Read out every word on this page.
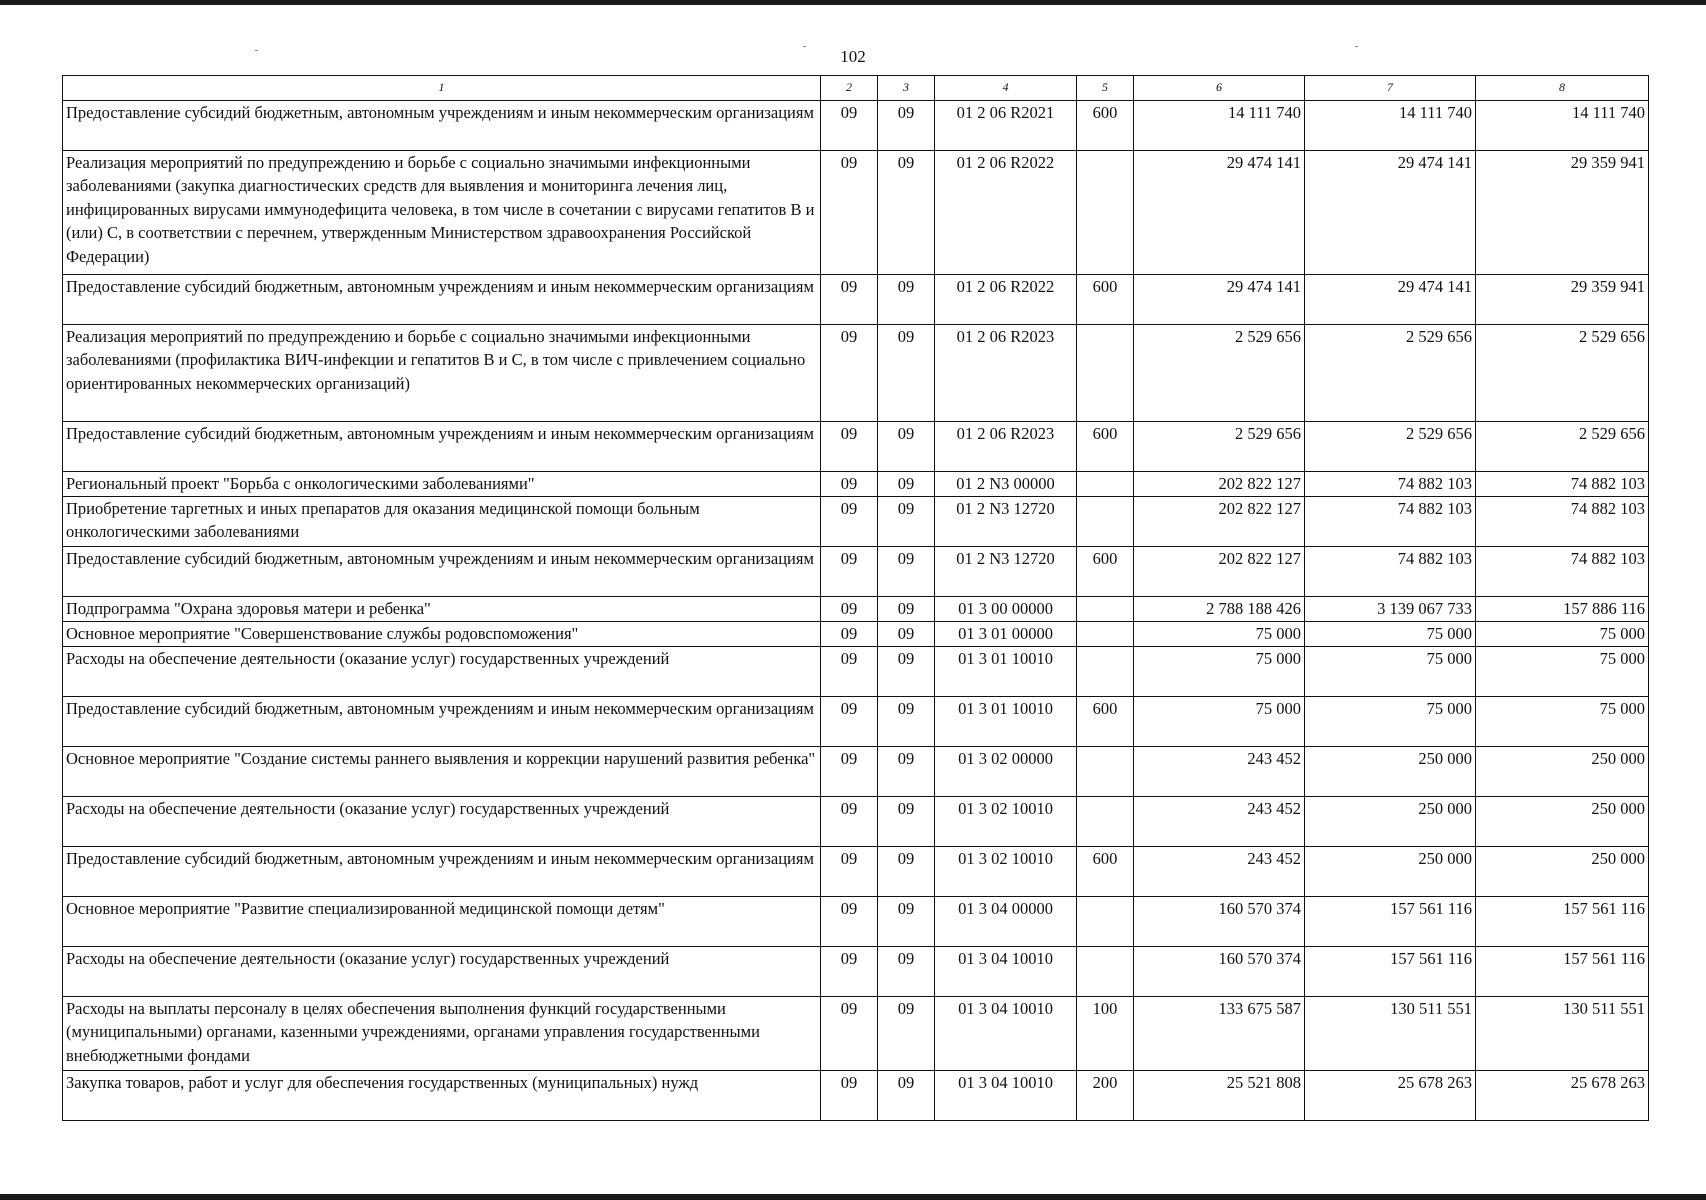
102
1	2	3	4	5	6	7	8
Предоставление субсидий бюджетным, автономным учреждениям и иным некоммерческим организациям	09	09	01 2 06 R2021	600	14 111 740	14 111 740	14 111 740
Реализация мероприятий по предупреждению и борьбе с социально значимыми инфекционными заболеваниями (закупка диагностических средств для выявления и мониторинга лечения лиц, инфицированных вирусами иммунодефицита человека, в том числе в сочетании с вирусами гепатитов B и (или) C, в соответствии с перечнем, утвержденным Министерством здравоохранения Российской Федерации)	09	09	01 2 06 R2022		29 474 141	29 474 141	29 359 941
Предоставление субсидий бюджетным, автономным учреждениям и иным некоммерческим организациям	09	09	01 2 06 R2022	600	29 474 141	29 474 141	29 359 941
Реализация мероприятий по предупреждению и борьбе с социально значимыми инфекционными заболеваниями (профилактика ВИЧ-инфекции и гепатитов B и C, в том числе с привлечением социально ориентированных некоммерческих организаций)	09	09	01 2 06 R2023		2 529 656	2 529 656	2 529 656
Предоставление субсидий бюджетным, автономным учреждениям и иным некоммерческим организациям	09	09	01 2 06 R2023	600	2 529 656	2 529 656	2 529 656
Региональный проект "Борьба с онкологическими заболеваниями"	09	09	01 2 N3 00000		202 822 127	74 882 103	74 882 103
Приобретение таргетных и иных препаратов для оказания медицинской помощи больным онкологическими заболеваниями	09	09	01 2 N3 12720		202 822 127	74 882 103	74 882 103
Предоставление субсидий бюджетным, автономным учреждениям и иным некоммерческим организациям	09	09	01 2 N3 12720	600	202 822 127	74 882 103	74 882 103
Подпрограмма "Охрана здоровья матери и ребенка"	09	09	01 3 00 00000		2 788 188 426	3 139 067 733	157 886 116
Основное мероприятие "Совершенствование службы родовспоможения"	09	09	01 3 01 00000		75 000	75 000	75 000
Расходы на обеспечение деятельности (оказание услуг) государственных учреждений	09	09	01 3 01 10010		75 000	75 000	75 000
Предоставление субсидий бюджетным, автономным учреждениям и иным некоммерческим организациям	09	09	01 3 01 10010	600	75 000	75 000	75 000
Основное мероприятие "Создание системы раннего выявления и коррекции нарушений развития ребенка"	09	09	01 3 02 00000		243 452	250 000	250 000
Расходы на обеспечение деятельности (оказание услуг) государственных учреждений	09	09	01 3 02 10010		243 452	250 000	250 000
Предоставление субсидий бюджетным, автономным учреждениям и иным некоммерческим организациям	09	09	01 3 02 10010	600	243 452	250 000	250 000
Основное мероприятие "Развитие специализированной медицинской помощи детям"	09	09	01 3 04 00000		160 570 374	157 561 116	157 561 116
Расходы на обеспечение деятельности (оказание услуг) государственных учреждений	09	09	01 3 04 10010		160 570 374	157 561 116	157 561 116
Расходы на выплаты персоналу в целях обеспечения выполнения функций государственными (муниципальными) органами, казенными учреждениями, органами управления государственными внебюджетными фондами	09	09	01 3 04 10010	100	133 675 587	130 511 551	130 511 551
Закупка товаров, работ и услуг для обеспечения государственных (муниципальных) нужд	09	09	01 3 04 10010	200	25 521 808	25 678 263	25 678 263
